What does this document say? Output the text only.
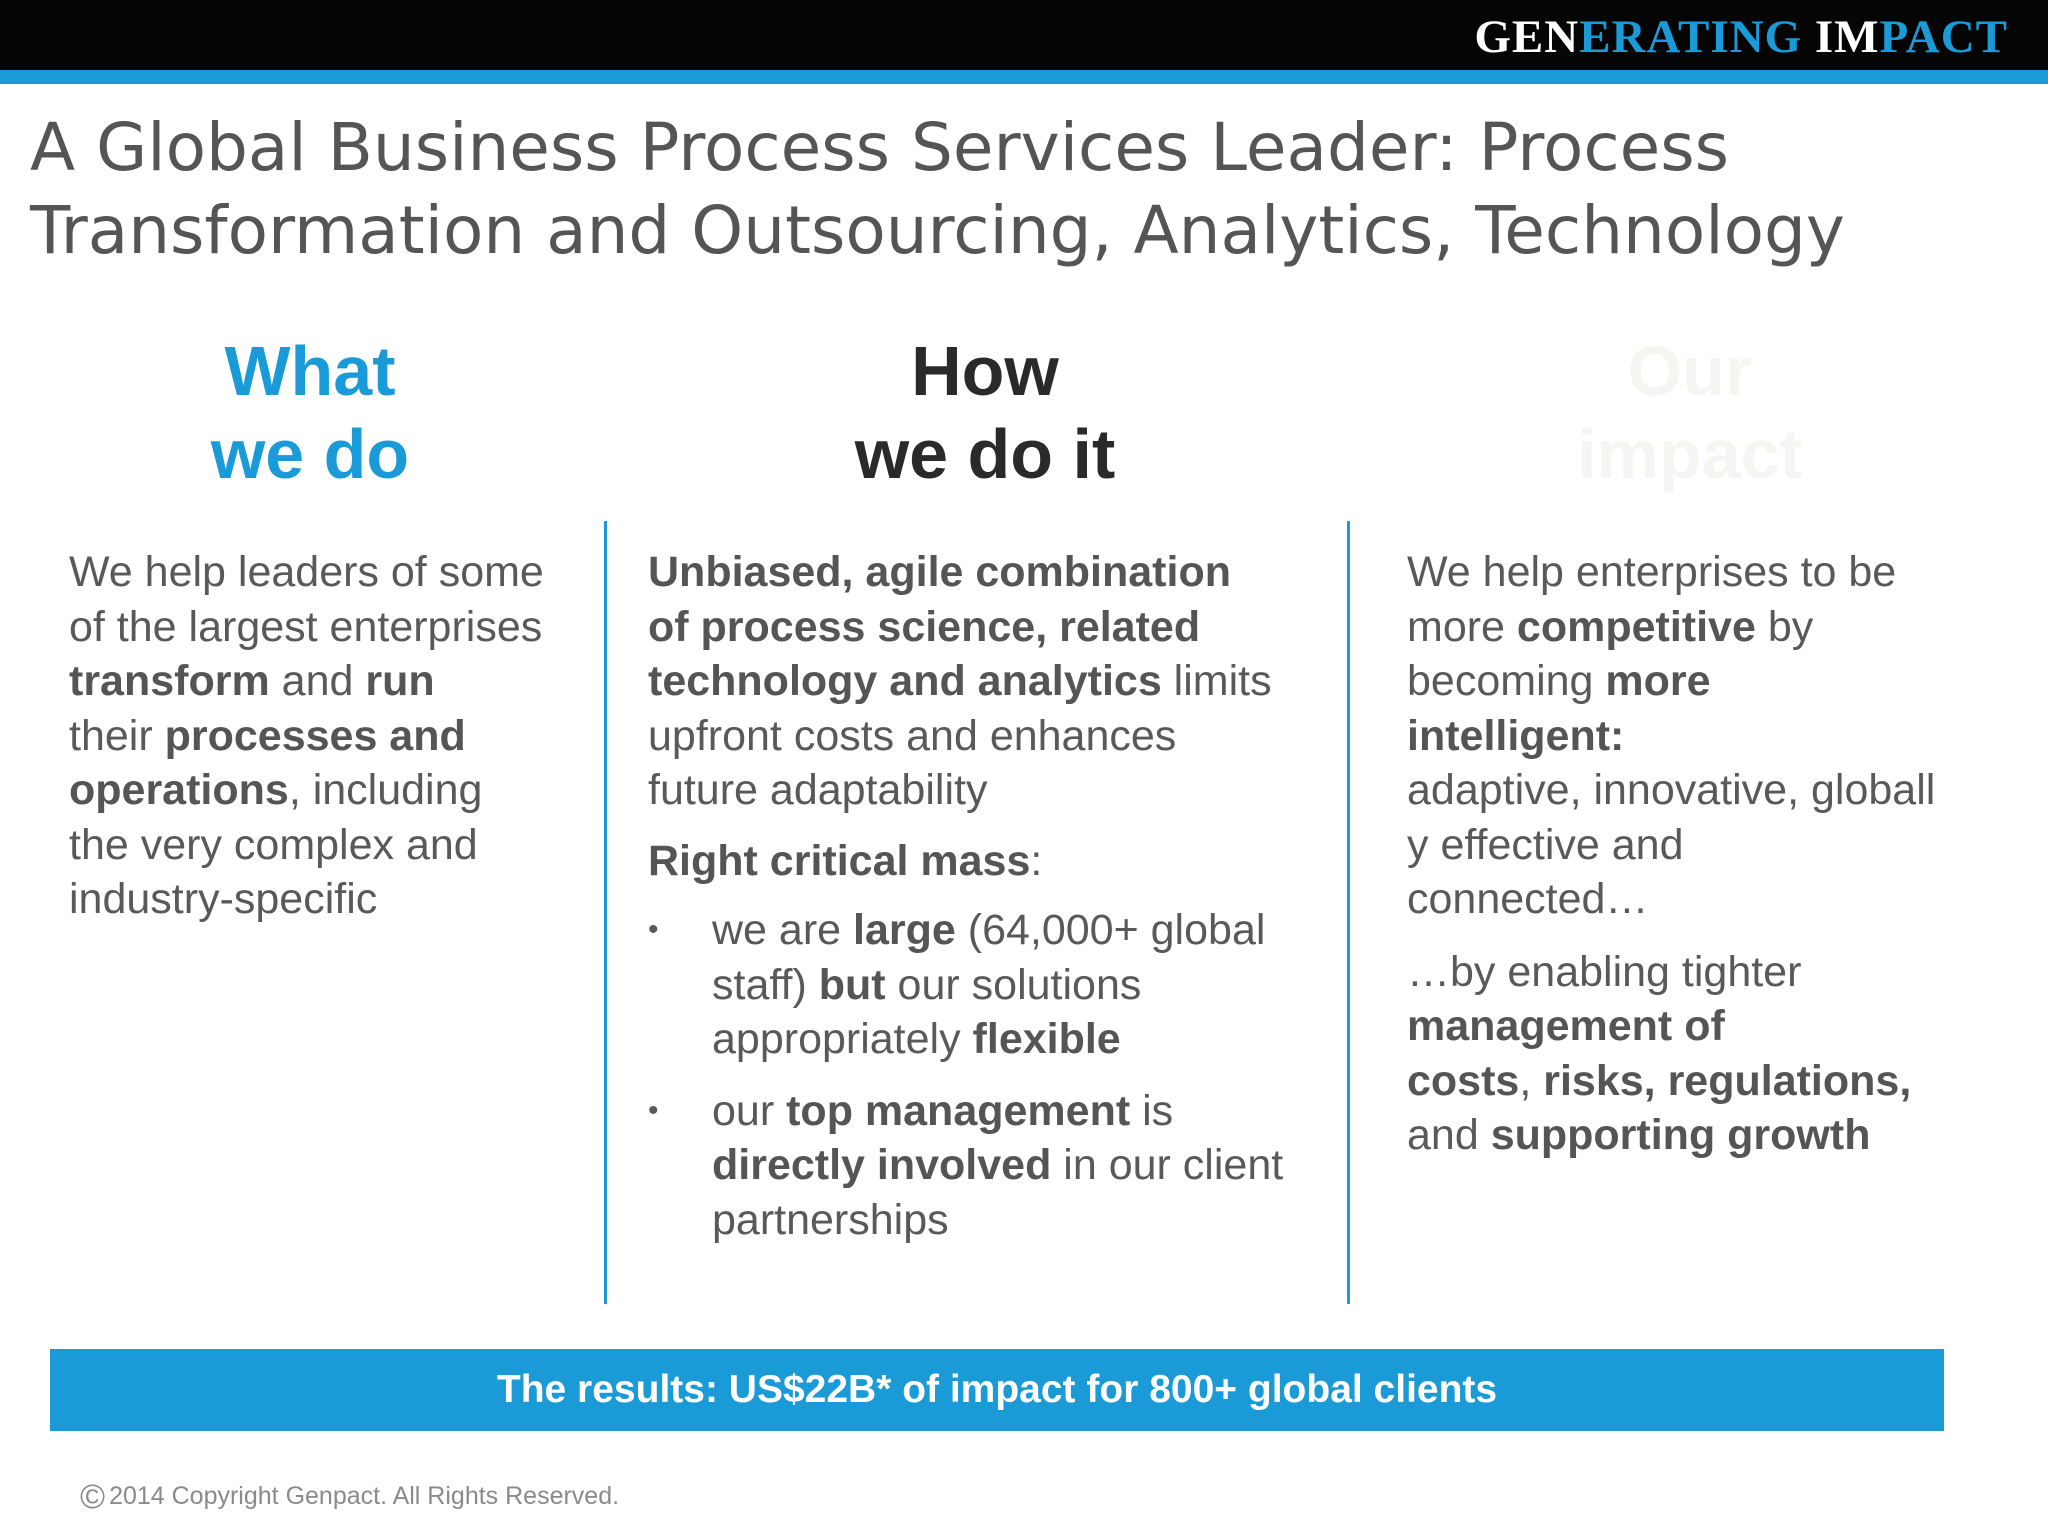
GENERATING IMPACT
A Global Business Process Services Leader: Process
Transformation and Outsourcing, Analytics, Technology
What
we do
How
we do it
Our
impact
We help leaders of some
of the largest enterprises
transform and run
their processes and
operations, including
the very complex and
industry-specific
Unbiased, agile combination
of process science, related
technology and analytics limits
upfront costs and enhances
future adaptability
Right critical mass:
• we are large (64,000+ global
staff) but our solutions
appropriately flexible
• our top management is
directly involved in our client
partnerships
We help enterprises to be
more competitive by
becoming more
intelligent:
adaptive, innovative, globall
y effective and
connected…
…by enabling tighter
management of
costs, risks, regulations,
and supporting growth
The results: US$22B* of impact for 800+ global clients
© 2014 Copyright Genpact. All Rights Reserved.
